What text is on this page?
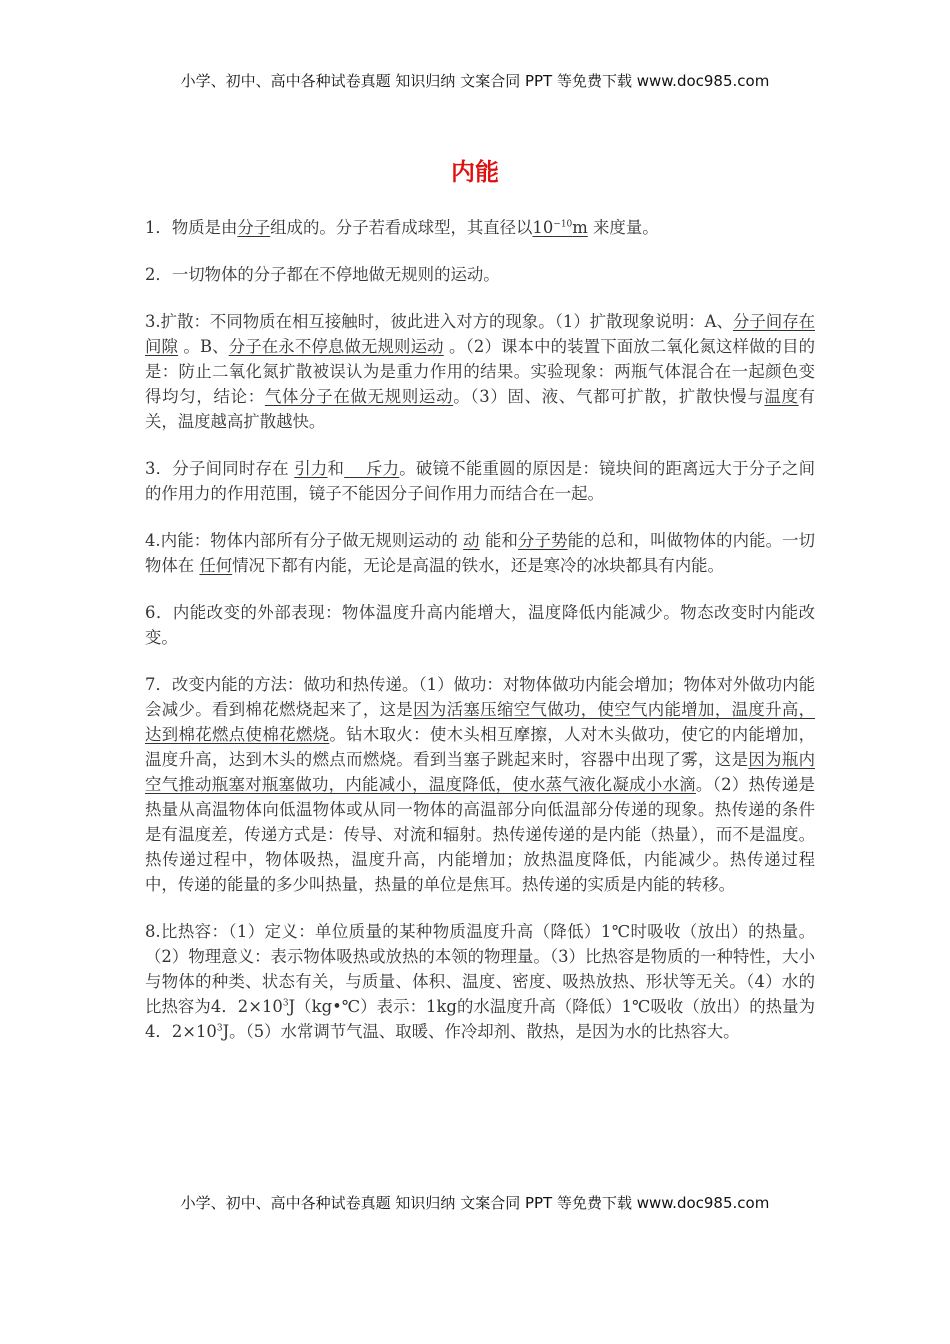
小学、初中、高中各种试卷真题 知识归纳 文案合同 PPT 等免费下载 www.doc985.com
内能

1．物质是由分子组成的。分子若看成球型，其直径以$10^{-10}m$ 来度量。

2．一切物体的分子都在不停地做无规则的运动。

3.扩散：不同物质在相互接触时，彼此进入对方的现象。（1）扩散现象说明：A、分子间存在间隙 。B、分子在永不停息做无规则运动 。（2）课本中的装置下面放二氧化氮这样做的目的是：防止二氧化氮扩散被误认为是重力作用的结果。实验现象：两瓶气体混合在一起颜色变得均匀，结论：气体分子在做无规则运动。（3）固、液、气都可扩散，扩散快慢与温度有关，温度越高扩散越快。

3．分子间同时存在 引力和    斥力。破镜不能重圆的原因是：镜块间的距离远大于分子之间的作用力的作用范围，镜子不能因分子间作用力而结合在一起。

4.内能：物体内部所有分子做无规则运动的 动 能和分子势能的总和，叫做物体的内能。一切物体在 任何情况下都有内能，无论是高温的铁水，还是寒冷的冰块都具有内能。

6．内能改变的外部表现：物体温度升高内能增大，温度降低内能减少。物态改变时内能改变。

7．改变内能的方法：做功和热传递。（1）做功：对物体做功内能会增加；物体对外做功内能会减少。看到棉花燃烧起来了，这是因为活塞压缩空气做功，使空气内能增加，温度升高，达到棉花燃点使棉花燃烧。钻木取火：使木头相互摩擦，人对木头做功，使它的内能增加，温度升高，达到木头的燃点而燃烧。看到当塞子跳起来时，容器中出现了雾，这是因为瓶内空气推动瓶塞对瓶塞做功，内能减小，温度降低，使水蒸气液化凝成小水滴。（2）热传递是热量从高温物体向低温物体或从同一物体的高温部分向低温部分传递的现象。热传递的条件是有温度差，传递方式是：传导、对流和辐射。热传递传递的是内能（热量），而不是温度。热传递过程中，物体吸热，温度升高，内能增加；放热温度降低，内能减少。热传递过程中，传递的能量的多少叫热量，热量的单位是焦耳。热传递的实质是内能的转移。

8.比热容：（1）定义：单位质量的某种物质温度升高（降低）1℃时吸收（放出）的热量。（2）物理意义：表示物体吸热或放热的本领的物理量。（3）比热容是物质的一种特性，大小与物体的种类、状态有关，与质量、体积、温度、密度、吸热放热、形状等无关。（4）水的比热容为4．$2\times 10^3J(kg•℃)$表示：1kg的水温度升高（降低）1℃吸收（放出）的热量为4．$2\times 10^3J$。（5）水常调节气温、取暖、作冷却剂、散热，是因为水的比热容大。

小学、初中、高中各种试卷真题 知识归纳 文案合同 PPT 等免费下载 www.doc985.com
